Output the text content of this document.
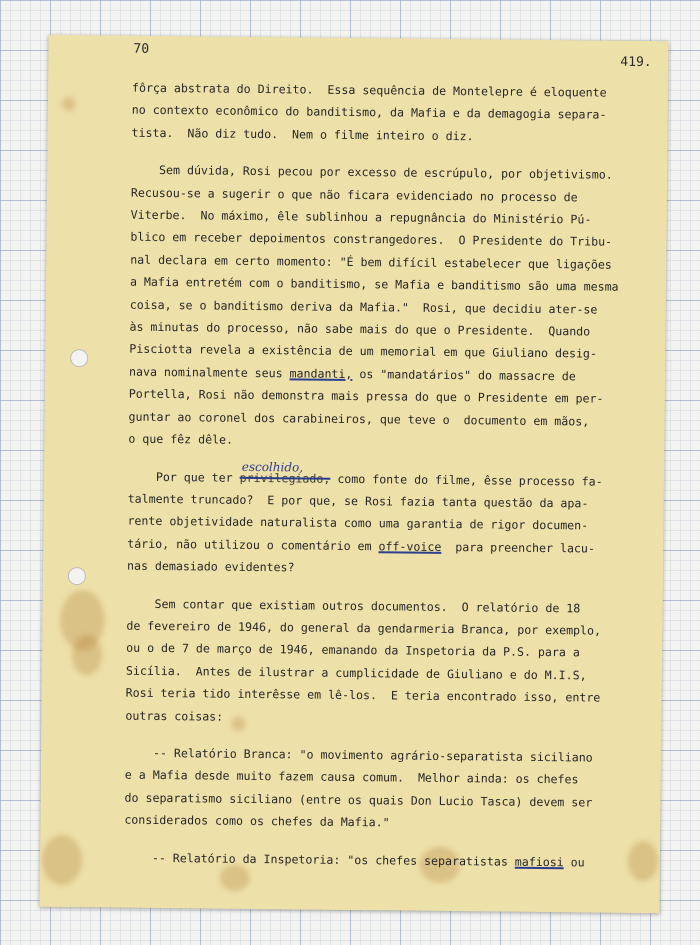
70
419.
fôrça abstrata do Direito.  Essa sequência de Montelepre é eloquente
no contexto econômico do banditismo, da Mafia e da demagogia separa-
tista.  Não diz tudo.  Nem o filme inteiro o diz.
Sem dúvida, Rosi pecou por excesso de escrúpulo, por objetivismo.
Recusou-se a sugerir o que não ficara evidenciado no processo de
Viterbe.  No máximo, êle sublinhou a repugnância do Ministério Pú-
blico em receber depoimentos constrangedores.  O Presidente do Tribu-
nal declara em certo momento: "É bem difícil estabelecer que ligações
a Mafia entretém com o banditismo, se Mafia e banditismo são uma mesma
coisa, se o banditismo deriva da Mafia."  Rosi, que decidiu ater-se
às minutas do processo, não sabe mais do que o Presidente.  Quando
Pisciotta revela a existência de um memorial em que Giuliano desig-
nava nominalmente seus mandanti, os "mandatários" do massacre de
Portella, Rosi não demonstra mais pressa do que o Presidente em per-
guntar ao coronel dos carabineiros, que teve o  documento em mãos,
o que fêz dêle.
Por que ter
escolhido,
privilegiado, como fonte do filme, êsse processo fa-
talmente truncado?  E por que, se Rosi fazia tanta questão da apa-
rente objetividade naturalista como uma garantia de rigor documen-
tário, não utilizou o comentário em off-voice  para preencher lacu-
nas demasiado evidentes?
Sem contar que existiam outros documentos.  O relatório de 18
de fevereiro de 1946, do general da gendarmeria Branca, por exemplo,
ou o de 7 de março de 1946, emanando da Inspetoria da P.S. para a
Sicília.  Antes de ilustrar a cumplicidade de Giuliano e do M.I.S,
Rosi teria tido interêsse em lê-los.  E teria encontrado isso, entre
outras coisas:
-- Relatório Branca: "o movimento agrário-separatista siciliano
e a Mafia desde muito fazem causa comum.  Melhor ainda: os chefes
do separatismo siciliano (entre os quais Don Lucio Tasca) devem ser
considerados como os chefes da Mafia."
-- Relatório da Inspetoria: "os chefes separatistas mafiosi ou
